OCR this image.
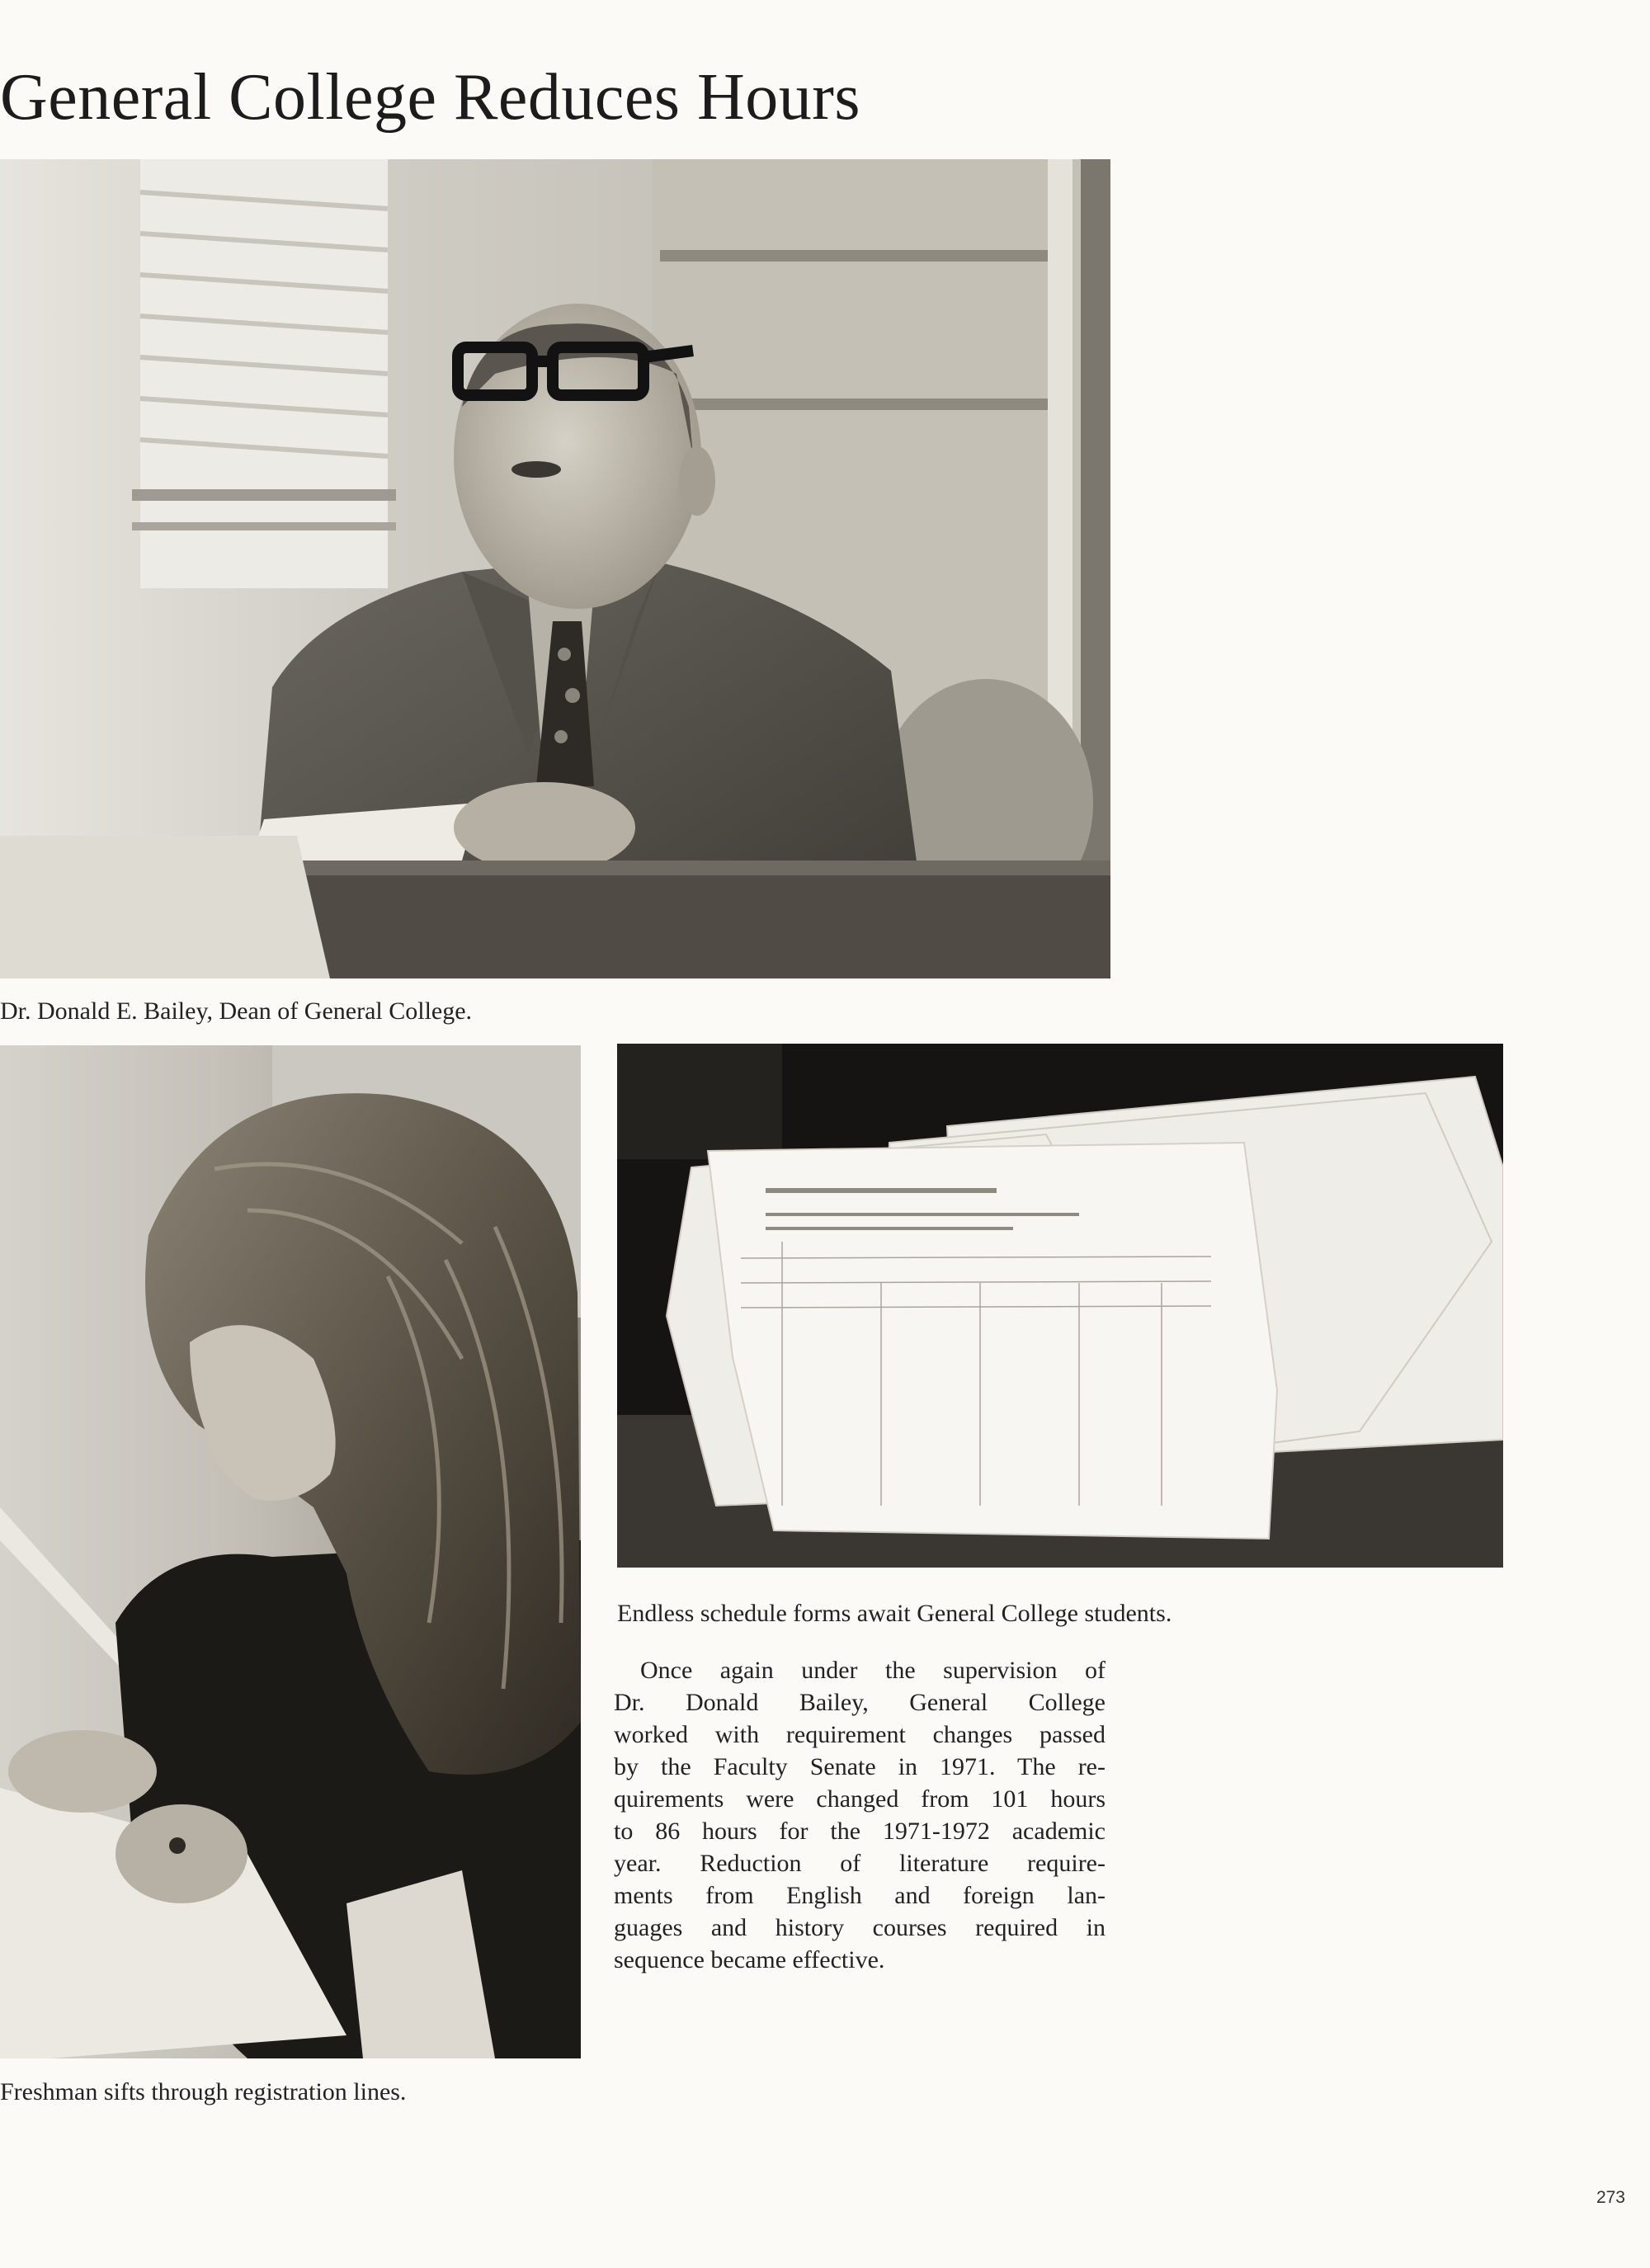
General College Reduces Hours
Dr. Donald E. Bailey, Dean of General College.
Freshman sifts through registration lines.
Endless schedule forms await General College students.
Once again under the supervision of
Dr. Donald Bailey, General College
worked with requirement changes passed
by the Faculty Senate in 1971. The re-
quirements were changed from 101 hours
to 86 hours for the 1971-1972 academic
year. Reduction of literature require-
ments from English and foreign lan-
guages and history courses required in
sequence became effective.
273
